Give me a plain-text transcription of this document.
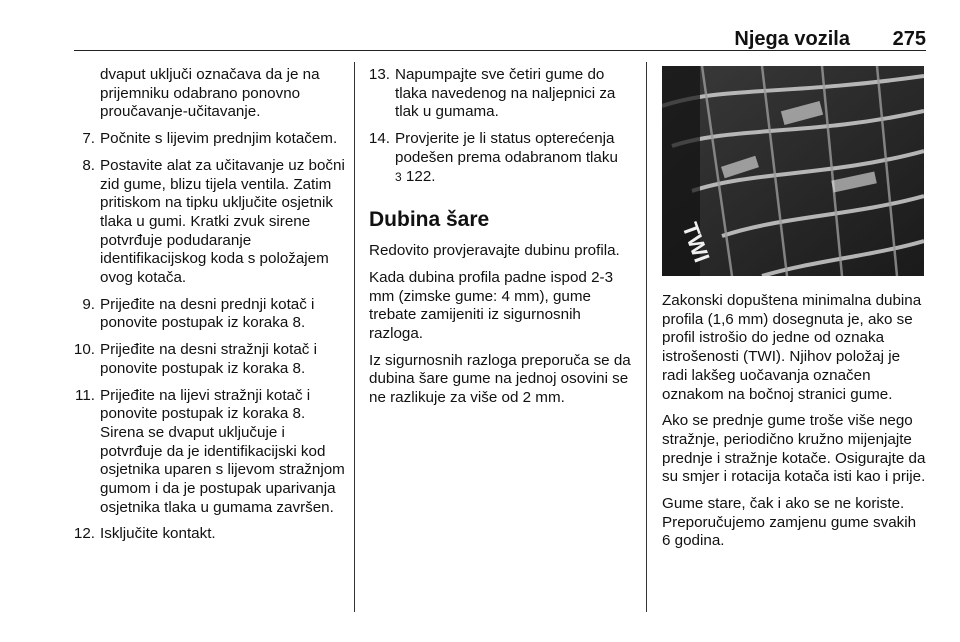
Njega vozila 275
dvaput uključi označava da je na prijemniku odabrano ponovno proučavanje-učitavanje.
7. Počnite s lijevim prednjim kotačem.
8. Postavite alat za učitavanje uz bočni zid gume, blizu tijela ventila. Zatim pritiskom na tipku uključite osjetnik tlaka u gumi. Kratki zvuk sirene potvrđuje podudaranje identifikacijskog koda s položajem ovog kotača.
9. Prijeđite na desni prednji kotač i ponovite postupak iz koraka 8.
10. Prijeđite na desni stražnji kotač i ponovite postupak iz koraka 8.
11. Prijeđite na lijevi stražnji kotač i ponovite postupak iz koraka 8. Sirena se dvaput uključuje i potvrđuje da je identifikacijski kod osjetnika uparen s lijevom stražnjom gumom i da je postupak uparivanja osjetnika tlaka u gumama završen.
12. Isključite kontakt.
13. Napumpajte sve četiri gume do tlaka navedenog na naljepnici za tlak u gumama.
14. Provjerite je li status opterećenja podešen prema odabranom tlaku
3 122.
Dubina šare

Redovito provjeravajte dubinu profila.

Kada dubina profila padne ispod 2-3 mm (zimske gume: 4 mm), gume trebate zamijeniti iz sigurnosnih razloga.

Iz sigurnosnih razloga preporuča se da dubina šare gume na jednoj osovini se ne razlikuje za više od 2 mm.

TWI

Zakonski dopuštena minimalna dubina profila (1,6 mm) dosegnuta je, ako se profil istrošio do jedne od oznaka istrošenosti (TWI). Njihov položaj je radi lakšeg uočavanja označen oznakom na bočnoj stranici gume.

Ako se prednje gume troše više nego stražnje, periodično kružno mijenjajte prednje i stražnje kotače. Osigurajte da su smjer i rotacija kotača isti kao i prije.

Gume stare, čak i ako se ne koriste. Preporučujemo zamjenu gume svakih 6 godina.
